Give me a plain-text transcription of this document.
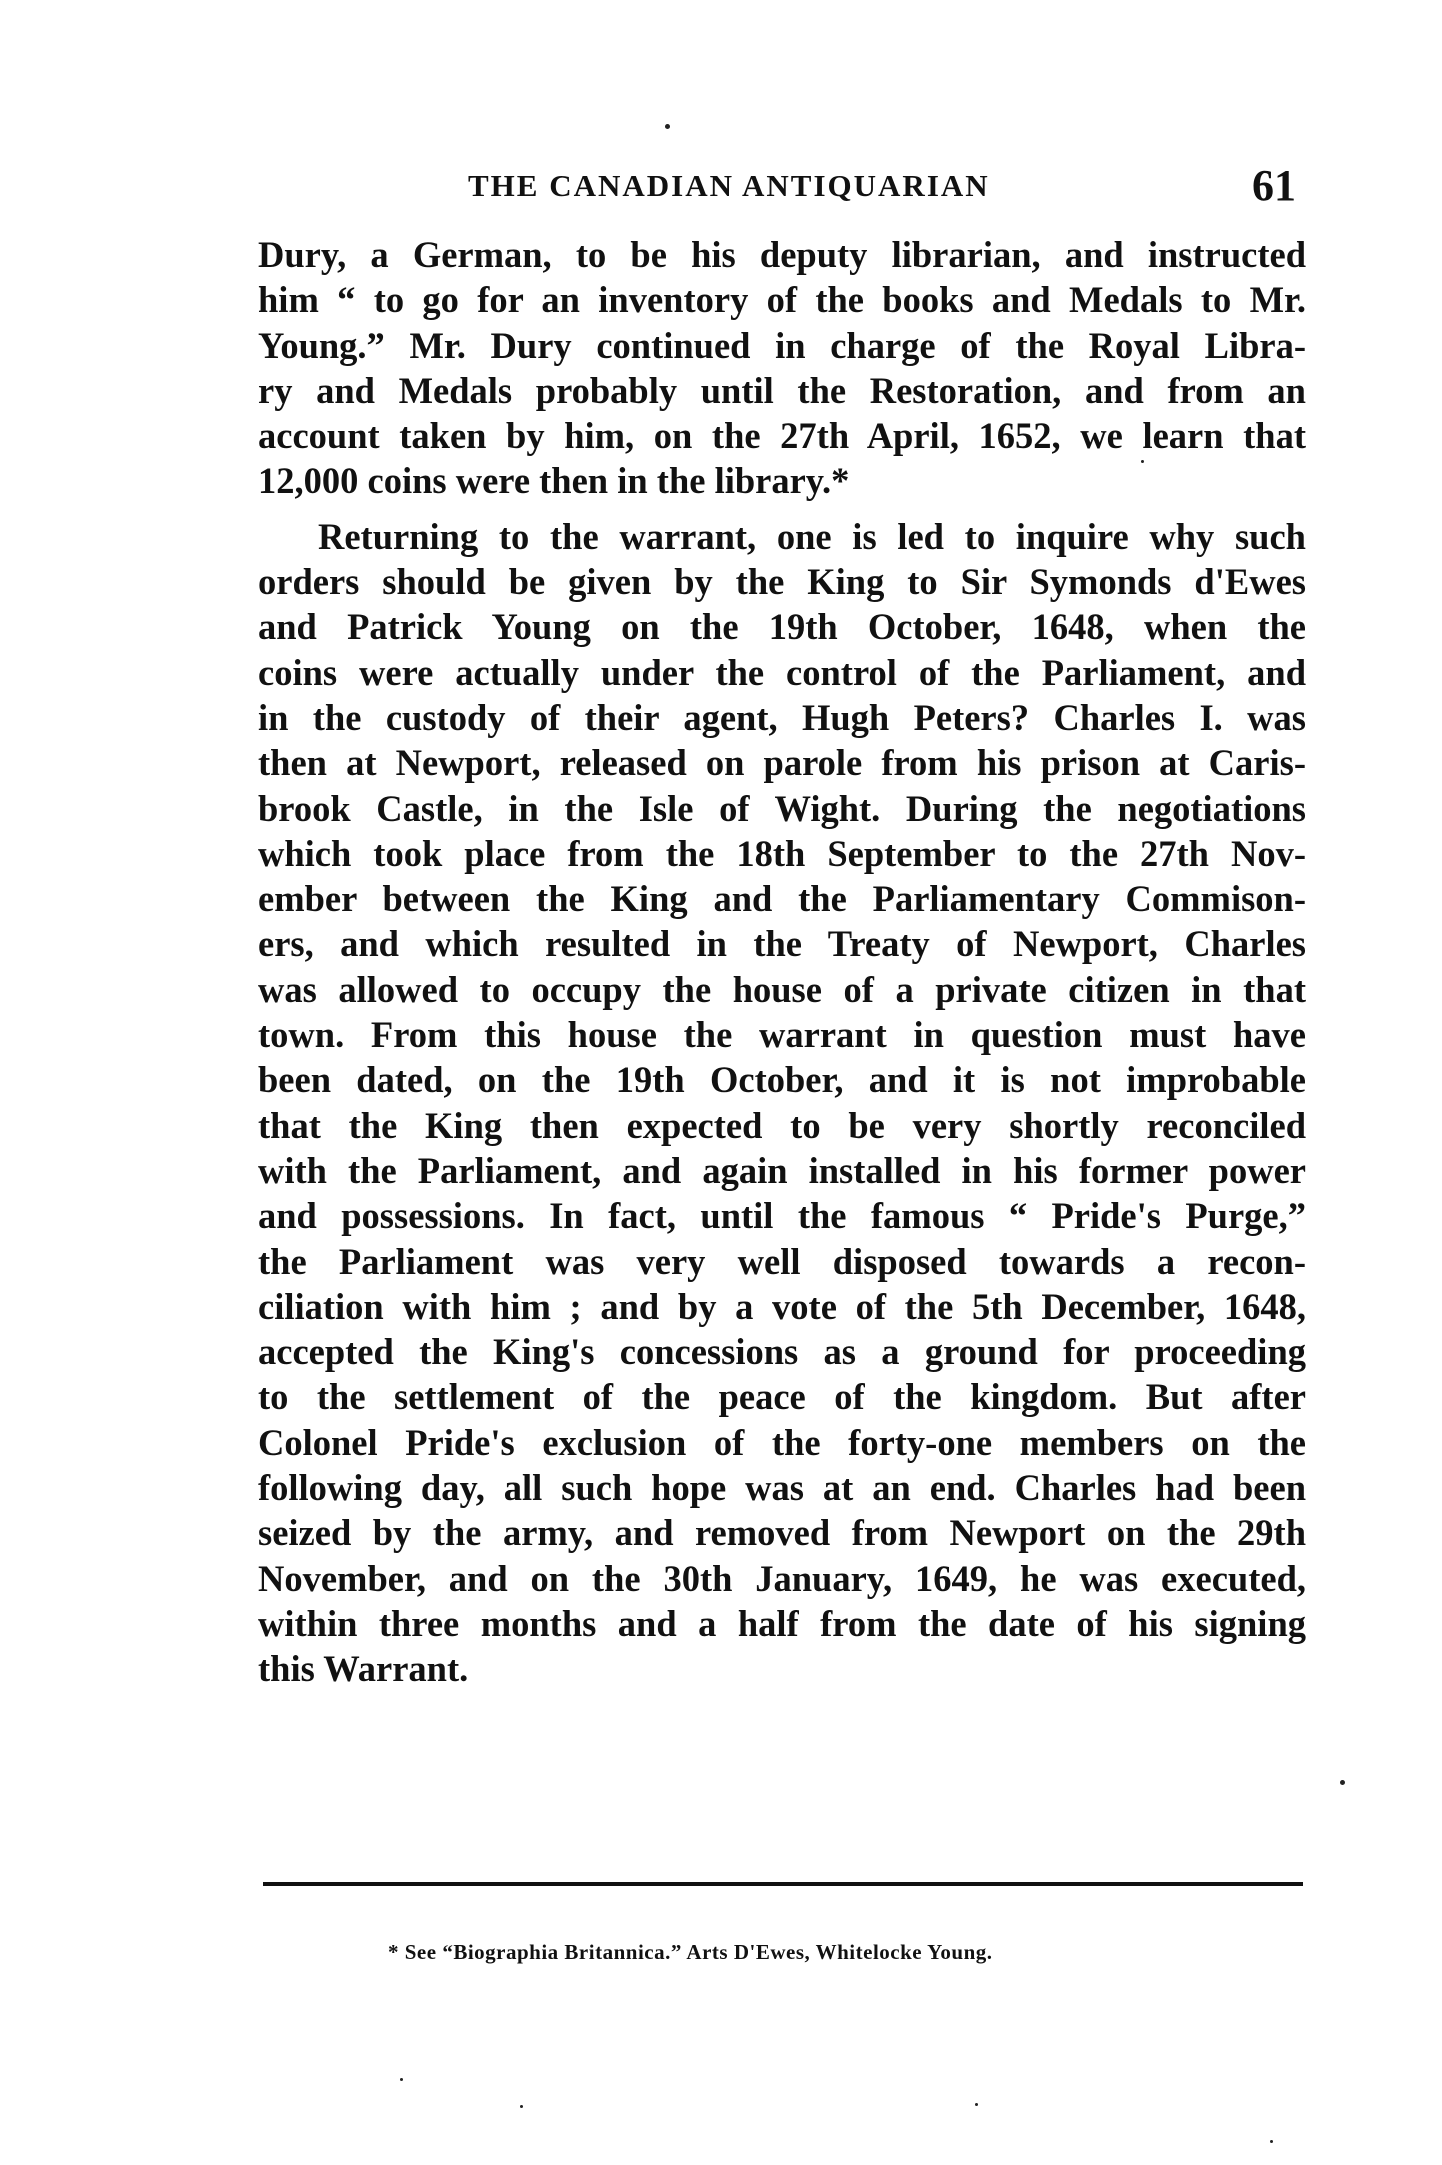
THE CANADIAN ANTIQUARIAN	61

Dury, a German, to be his deputy librarian, and instructed
him “ to go for an inventory of the books and Medals to Mr.
Young.” Mr. Dury continued in charge of the Royal Libra-
ry and Medals probably until the Restoration, and from an
account taken by him, on the 27th April, 1652, we learn that
12,000 coins were then in the library.*

Returning to the warrant, one is led to inquire why such
orders should be given by the King to Sir Symonds d'Ewes
and Patrick Young on the 19th October, 1648, when the
coins were actually under the control of the Parliament, and
in the custody of their agent, Hugh Peters? Charles I. was
then at Newport, released on parole from his prison at Caris-
brook Castle, in the Isle of Wight. During the negotiations
which took place from the 18th September to the 27th Nov-
ember between the King and the Parliamentary Commison-
ers, and which resulted in the Treaty of Newport, Charles
was allowed to occupy the house of a private citizen in that
town. From this house the warrant in question must have
been dated, on the 19th October, and it is not improbable
that the King then expected to be very shortly reconciled
with the Parliament, and again installed in his former power
and possessions. In fact, until the famous “ Pride's Purge,”
the Parliament was very well disposed towards a recon-
ciliation with him ; and by a vote of the 5th December, 1648,
accepted the King's concessions as a ground for proceeding
to the settlement of the peace of the kingdom. But after
Colonel Pride's exclusion of the forty-one members on the
following day, all such hope was at an end. Charles had been
seized by the army, and removed from Newport on the 29th
November, and on the 30th January, 1649, he was executed,
within three months and a half from the date of his signing
this Warrant.

* See “Biographia Britannica.” Arts D'Ewes, Whitelocke Young.
